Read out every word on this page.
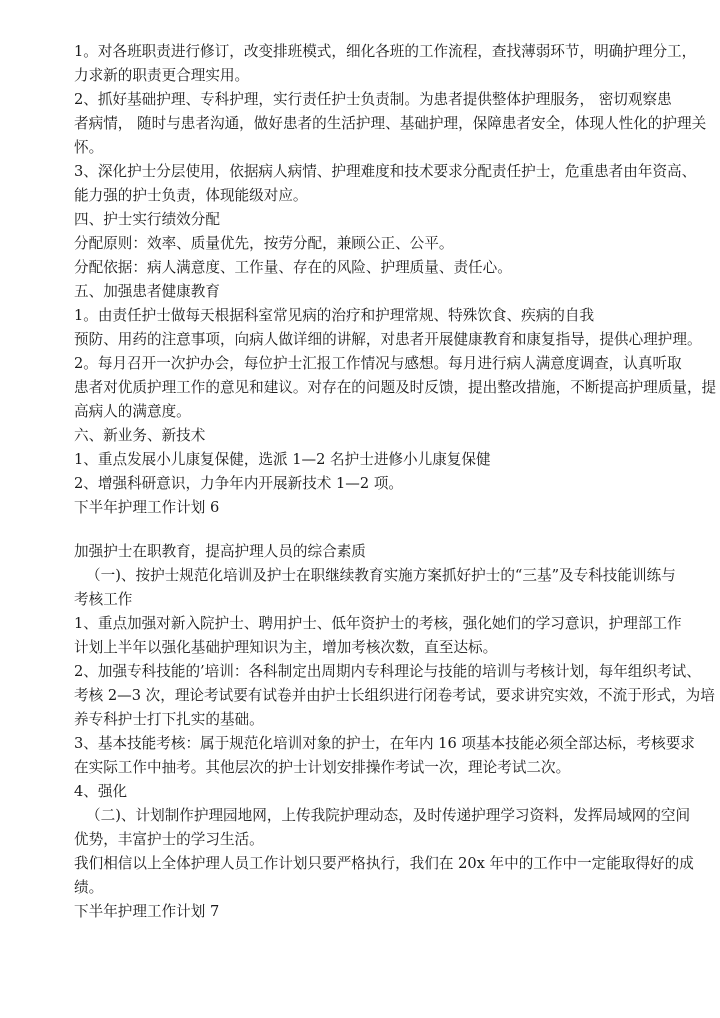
1。对各班职责进行修订，改变排班模式，细化各班的工作流程，查找薄弱环节，明确护理分工，
力求新的职责更合理实用。
2、抓好基础护理、专科护理，实行责任护士负责制。为患者提供整体护理服务， 密切观察患
者病情， 随时与患者沟通，做好患者的生活护理、基础护理，保障患者安全，体现人性化的护理关
怀。
3、深化护士分层使用，依据病人病情、护理难度和技术要求分配责任护士，危重患者由年资高、
能力强的护士负责，体现能级对应。
四、护士实行绩效分配
分配原则：效率、质量优先，按劳分配，兼顾公正、公平。
分配依据：病人满意度、工作量、存在的风险、护理质量、责任心。
五、加强患者健康教育
1。由责任护士做每天根据科室常见病的治疗和护理常规、特殊饮食、疾病的自我
预防、用药的注意事项，向病人做详细的讲解，对患者开展健康教育和康复指导，提供心理护理。
2。每月召开一次护办会，每位护士汇报工作情况与感想。每月进行病人满意度调查，认真听取
患者对优质护理工作的意见和建议。对存在的问题及时反馈，提出整改措施，不断提高护理质量，提
高病人的满意度。
六、新业务、新技术
1、重点发展小儿康复保健，选派 1—2 名护士进修小儿康复保健
2、增强科研意识，力争年内开展新技术 1—2 项。
下半年护理工作计划 6
加强护士在职教育，提高护理人员的综合素质
（一)、按护士规范化培训及护士在职继续教育实施方案抓好护士的“三基”及专科技能训练与
考核工作
1、重点加强对新入院护士、聘用护士、低年资护士的考核，强化她们的学习意识，护理部工作
计划上半年以强化基础护理知识为主，增加考核次数，直至达标。
2、加强专科技能的’培训：各科制定出周期内专科理论与技能的培训与考核计划，每年组织考试、
考核 2—3 次，理论考试要有试卷并由护士长组织进行闭卷考试，要求讲究实效，不流于形式，为培
养专科护士打下扎实的基础。
3、基本技能考核：属于规范化培训对象的护士，在年内 16 项基本技能必须全部达标，考核要求
在实际工作中抽考。其他层次的护士计划安排操作考试一次，理论考试二次。
4、强化
（二)、计划制作护理园地网，上传我院护理动态，及时传递护理学习资料，发挥局域网的空间
优势，丰富护士的学习生活。
我们相信以上全体护理人员工作计划只要严格执行，我们在 20x 年中的工作中一定能取得好的成
绩。
下半年护理工作计划 7
